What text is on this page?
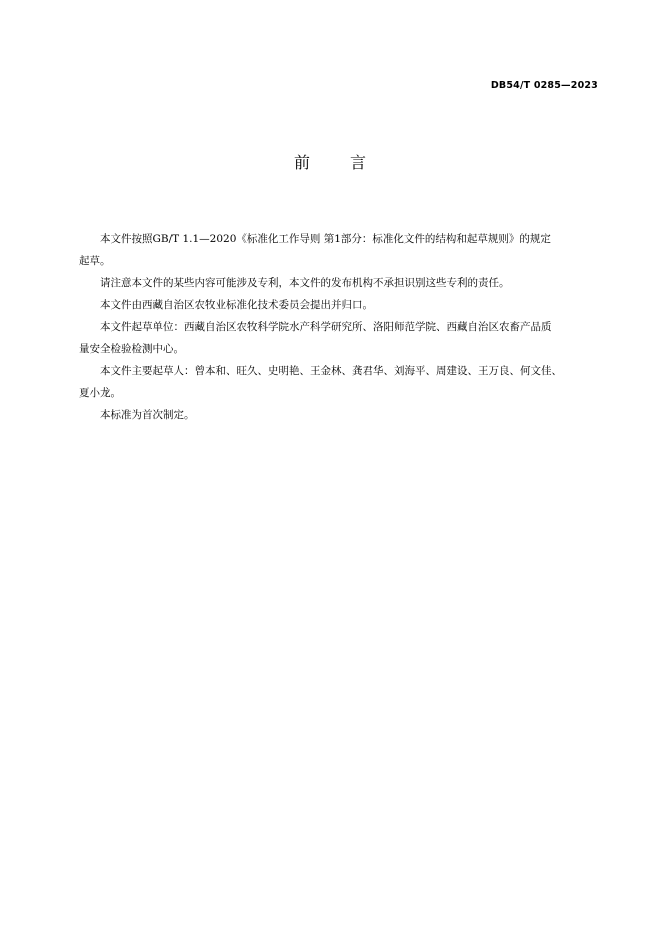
DB54/T 0285—2023
前 言

本文件按照GB/T 1.1—2020《标准化工作导则 第1部分：标准化文件的结构和起草规则》的规定
起草。

请注意本文件的某些内容可能涉及专利，本文件的发布机构不承担识别这些专利的责任。

本文件由西藏自治区农牧业标准化技术委员会提出并归口。

本文件起草单位：西藏自治区农牧科学院水产科学研究所、洛阳师范学院、西藏自治区农畜产品质
量安全检验检测中心。

本文件主要起草人：曾本和、旺久、史明艳、王金林、龚君华、刘海平、周建设、王万良、何文佳、
夏小龙。

本标准为首次制定。
